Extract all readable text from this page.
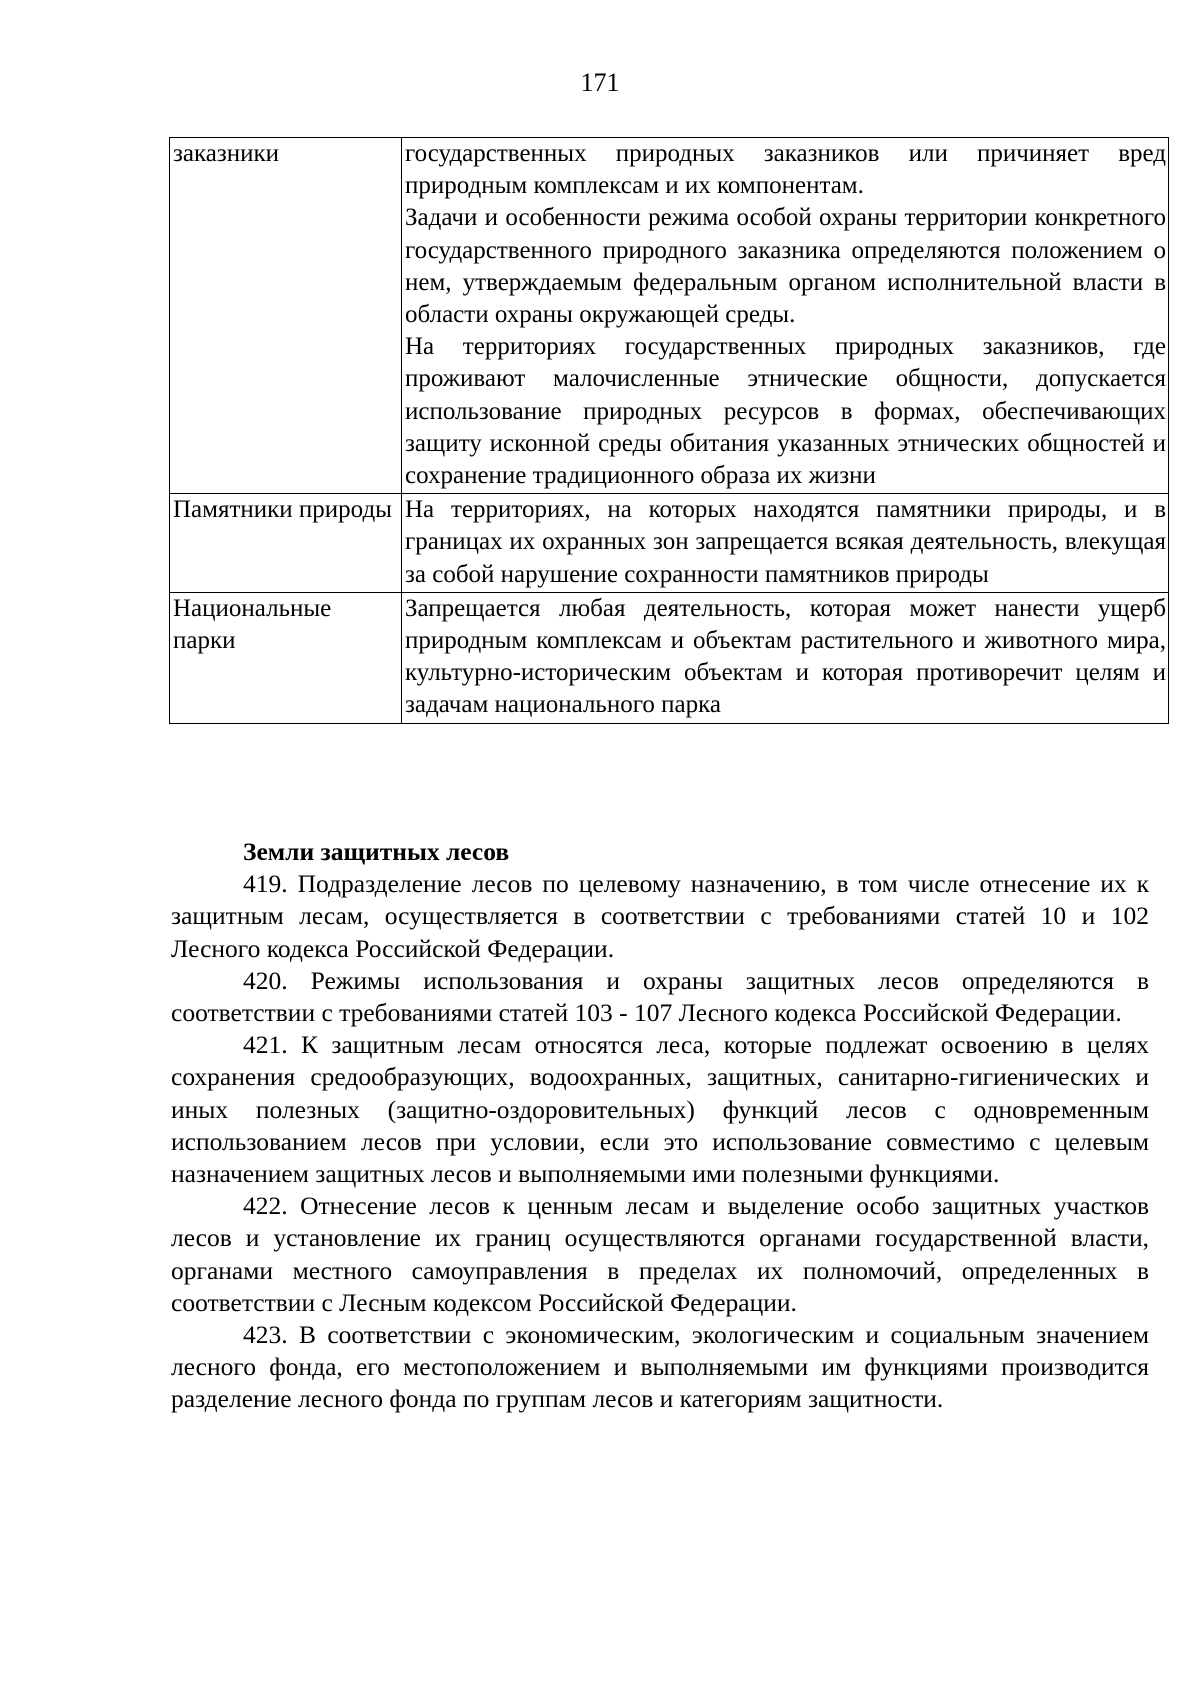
171
заказники	государственных природных заказников или причиняет вред природным комплексам и их компонентам.

Задачи и особенности режима особой охраны территории конкретного государственного природного заказника определяются положением о нем, утверждаемым федеральным органом исполнительной власти в области охраны окружающей среды.

На территориях государственных природных заказников, где проживают малочисленные этнические общности, допускается использование природных ресурсов в формах, обеспечивающих защиту исконной среды обитания указанных этнических общностей и сохранение традиционного образа их жизни

Памятники природы	На территориях, на которых находятся памятники природы, и в границах их охранных зон запрещается всякая деятельность, влекущая за собой нарушение сохранности памятников природы

Национальные парки	Запрещается любая деятельность, которая может нанести ущерб природным комплексам и объектам растительного и животного мира, культурно-историческим объектам и которая противоречит целям и задачам национального парка

Земли защитных лесов

419. Подразделение лесов по целевому назначению, в том числе отнесение их к защитным лесам, осуществляется в соответствии с требованиями статей 10 и 102 Лесного кодекса Российской Федерации.

420. Режимы использования и охраны защитных лесов определяются в соответствии с требованиями статей 103 - 107 Лесного кодекса Российской Федерации.

421. К защитным лесам относятся леса, которые подлежат освоению в целях сохранения средообразующих, водоохранных, защитных, санитарно-гигиенических и иных полезных (защитно-оздоровительных) функций лесов с одновременным использованием лесов при условии, если это использование совместимо с целевым назначением защитных лесов и выполняемыми ими полезными функциями.

422. Отнесение лесов к ценным лесам и выделение особо защитных участков лесов и установление их границ осуществляются органами государственной власти, органами местного самоуправления в пределах их полномочий, определенных в соответствии с Лесным кодексом Российской Федерации.

423. В соответствии с экономическим, экологическим и социальным значением лесного фонда, его местоположением и выполняемыми им функциями производится разделение лесного фонда по группам лесов и категориям защитности.
